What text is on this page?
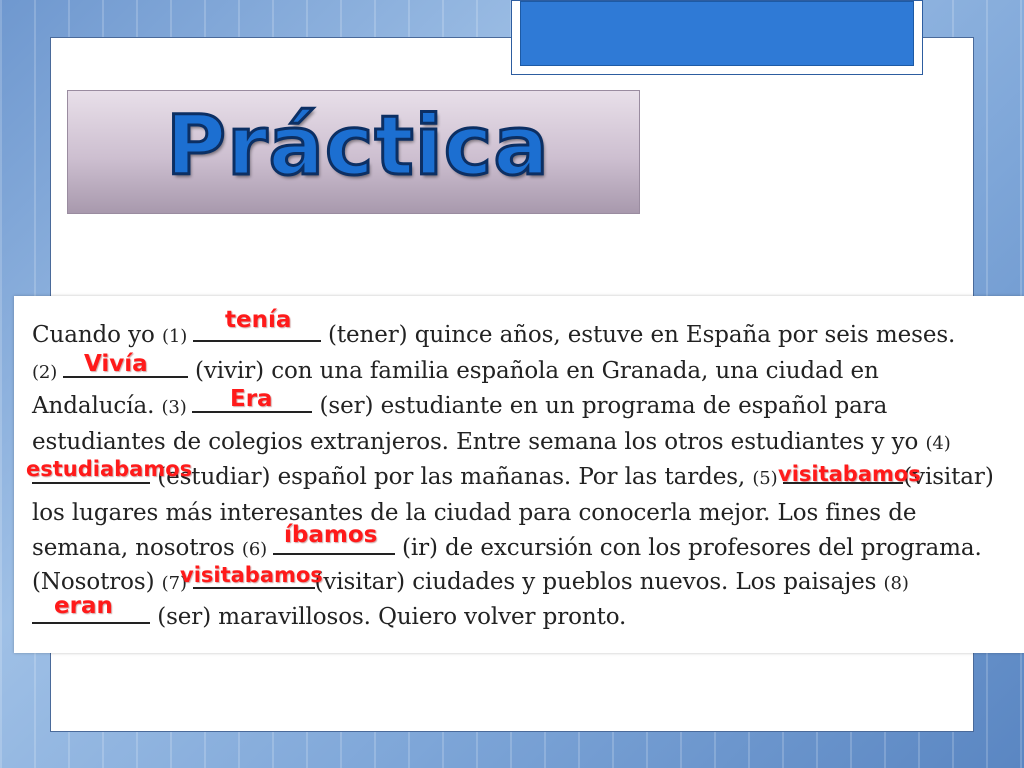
Práctica
Cuando yo (1)	(tener) quince años, estuve en España por seis meses.
(2)	(vivir) con una familia española en Granada, una ciudad en
Andalucía. (3)	(ser) estudiante en un programa de español para
estudiantes de colegios extranjeros. Entre semana los otros estudiantes y yo (4)
(estudiar) español por las mañanas. Por las tardes, (5)	(visitar)
los lugares más interesantes de la ciudad para conocerla mejor. Los fines de
semana, nosotros (6)	(ir) de excursión con los profesores del programa.
(Nosotros) (7)	(visitar) ciudades y pueblos nuevos. Los paisajes (8)
(ser) maravillosos. Quiero volver pronto.
tenía
Vivía
Era
estudiabamos	visitabamos
íbamos
visitabamos
eran
